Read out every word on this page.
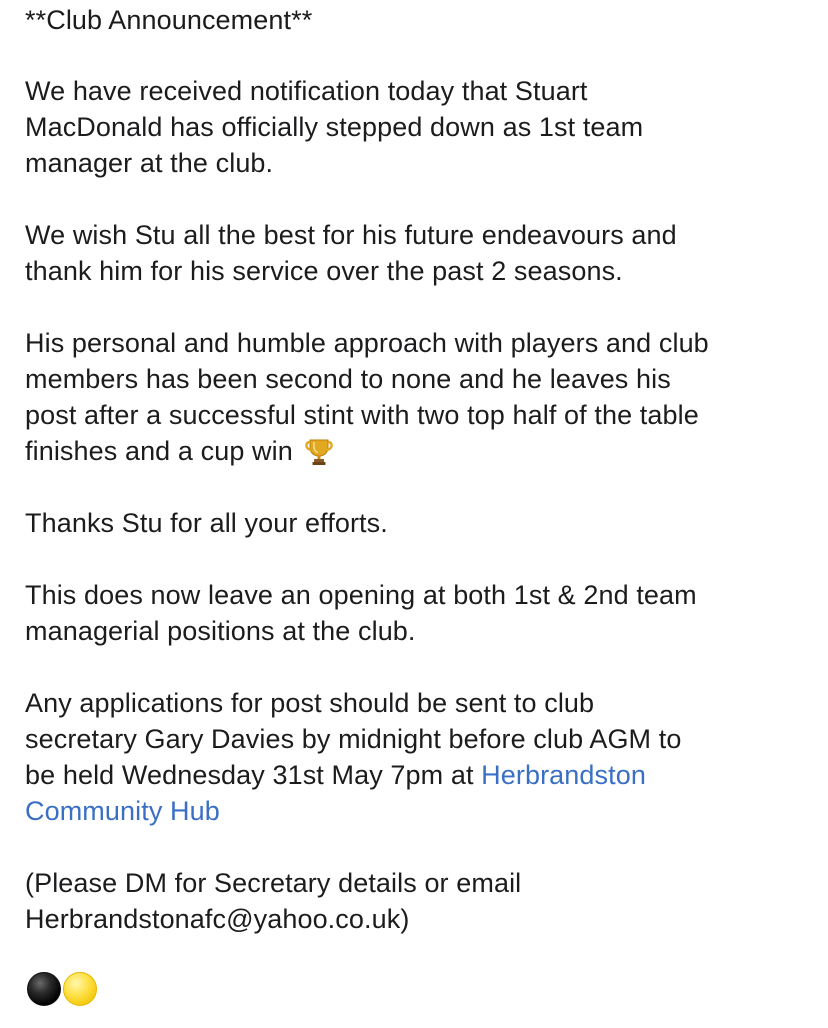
**Club Announcement**
We have received notification today that Stuart
MacDonald has officially stepped down as 1st team
manager at the club.
We wish Stu all the best for his future endeavours and
thank him for his service over the past 2 seasons.
His personal and humble approach with players and club
members has been second to none and he leaves his
post after a successful stint with two top half of the table
finishes and a cup win
Thanks Stu for all your efforts.
This does now leave an opening at both 1st & 2nd team
managerial positions at the club.
Any applications for post should be sent to club
secretary Gary Davies by midnight before club AGM to
be held Wednesday 31st May 7pm at Herbrandston
Community Hub
(Please DM for Secretary details or email
Herbrandstonafc@yahoo.co.uk)
